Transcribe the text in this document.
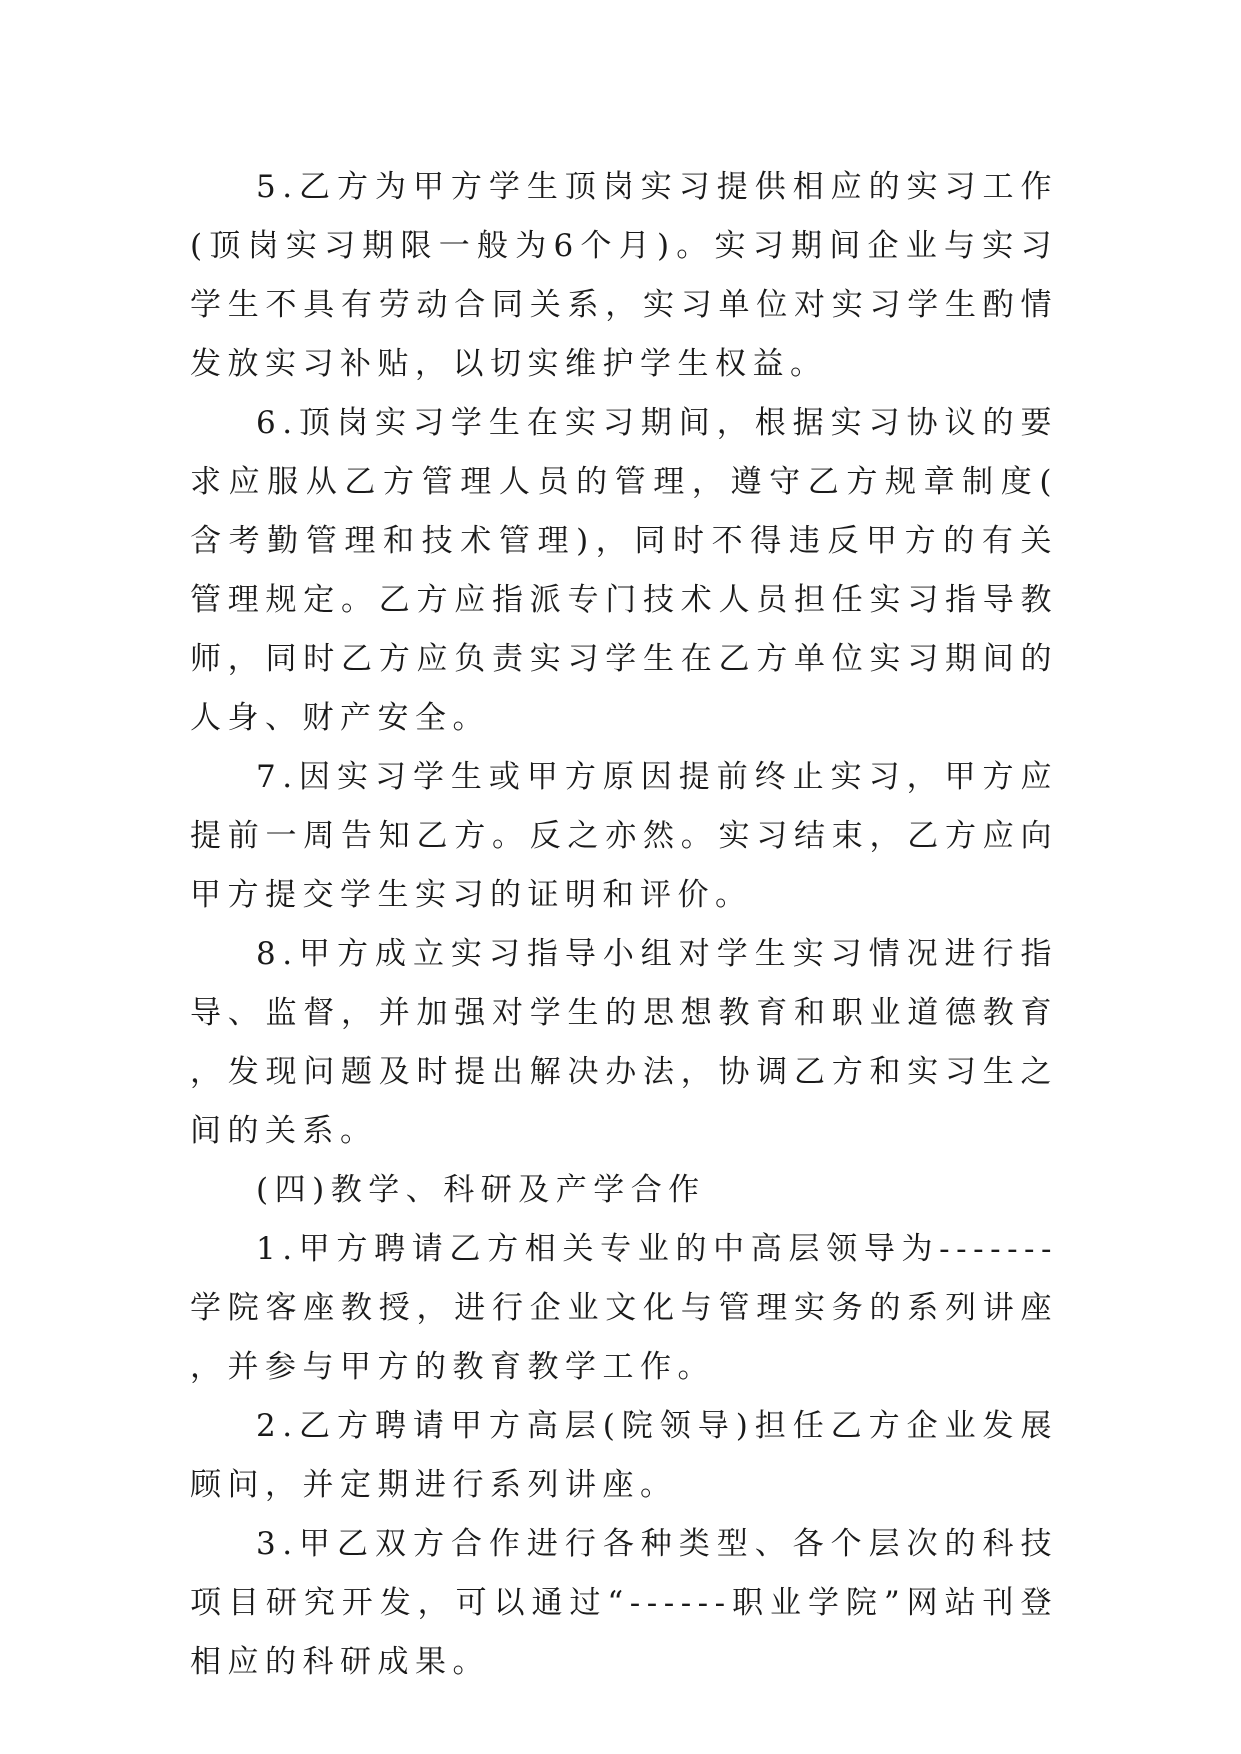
5.乙方为甲方学生顶岗实习提供相应的实习工作(顶岗实习期限一般为6个月)。实习期间企业与实习学生不具有劳动合同关系，实习单位对实习学生酌情发放实习补贴，以切实维护学生权益。

6.顶岗实习学生在实习期间，根据实习协议的要求应服从乙方管理人员的管理，遵守乙方规章制度(含考勤管理和技术管理)，同时不得违反甲方的有关管理规定。乙方应指派专门技术人员担任实习指导教师，同时乙方应负责实习学生在乙方单位实习期间的人身、财产安全。

7.因实习学生或甲方原因提前终止实习，甲方应提前一周告知乙方。反之亦然。实习结束，乙方应向甲方提交学生实习的证明和评价。

8.甲方成立实习指导小组对学生实习情况进行指导、监督，并加强对学生的思想教育和职业道德教育，发现问题及时提出解决办法，协调乙方和实习生之间的关系。

(四)教学、科研及产学合作

1.甲方聘请乙方相关专业的中高层领导为-------学院客座教授，进行企业文化与管理实务的系列讲座，并参与甲方的教育教学工作。

2.乙方聘请甲方高层(院领导)担任乙方企业发展顾问，并定期进行系列讲座。

3.甲乙双方合作进行各种类型、各个层次的科技项目研究开发，可以通过“------职业学院”网站刊登相应的科研成果。
